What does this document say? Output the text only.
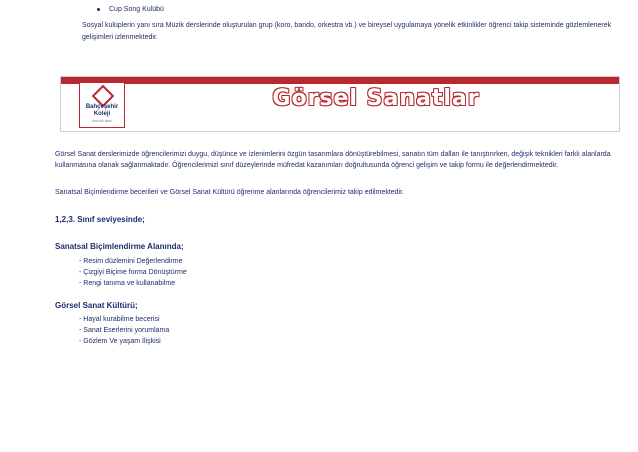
Cup Song Kulübü
Sosyal kulüplerin yanı sıra Müzik derslerinde oluşturulan grup (koro, bando, orkestra vb.) ve bireysel uygulamaya yönelik etkinlikler öğrenci takip sisteminde gözlemlenerek gelişimleri izlenmektedir.
Bahçeşehir
Koleji
1994'TEN BERİ
Görsel Sanatlar
Görsel Sanat derslerimizde öğrencilerimizi duygu, düşünce ve izlenimlerini özgün tasarımlara dönüştürebilmesi, sanatın tüm dalları ile tanıştırırken, değişik teknikleri farklı alanlarda kullanmasına olanak sağlanmaktadır. Öğrencilerimizi sınıf düzeylerinde müfredat kazanımları doğrultusunda öğrenci gelişim ve takip formu ile değerlendirmektedir.
Sanatsal Biçimlendirme becerileri ve Görsel Sanat Kültürü öğrenme alanlarında öğrencilerimiz takip edilmektedir.
1,2,3. Sınıf seviyesinde;
Sanatsal Biçimlendirme Alanında;
- Resim düzlemini Değerlendirme
- Çizgiyi Biçime forma Dönüştürme
- Rengi tanıma ve kullanabilme
Görsel Sanat Kültürü;
- Hayal kurabilme becerisi
- Sanat Eserlerini yorumlama
- Gözlem Ve yaşam İlişkisi
